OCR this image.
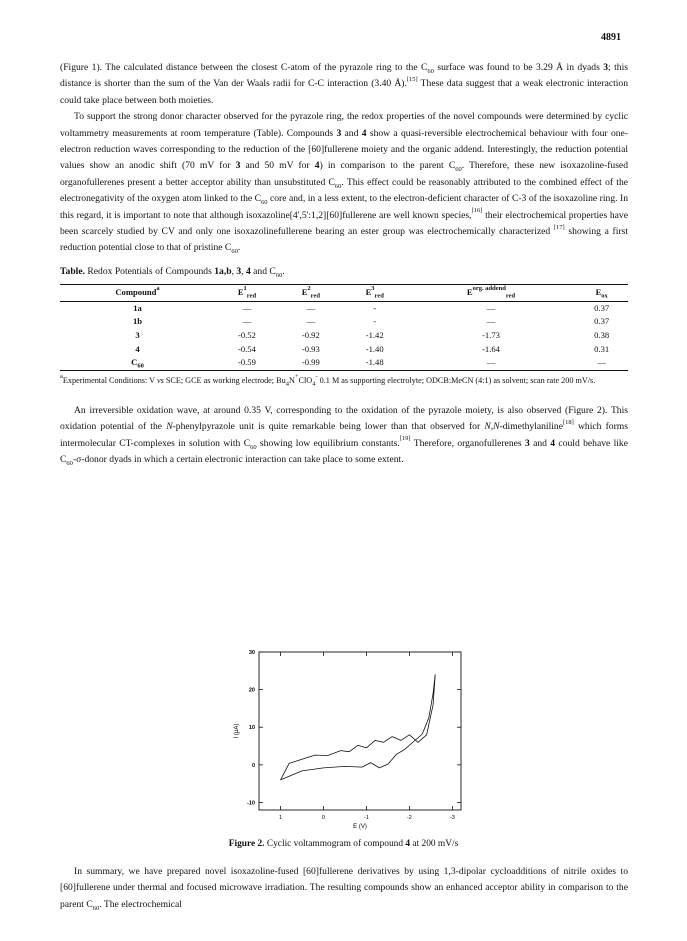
4891

(Figure 1). The calculated distance between the closest C-atom of the pyrazole ring to the $C_{60}$ surface was found to be 3.29 Å in dyads 3; this distance is shorter than the sum of the Van der Waals radii for C-C interaction (3.40 Å).[15] These data suggest that a weak electronic interaction could take place between both moieties.

To support the strong donor character observed for the pyrazole ring, the redox properties of the novel compounds were determined by cyclic voltammetry measurements at room temperature (Table). Compounds 3 and 4 show a quasi-reversible electrochemical behaviour with four one-electron reduction waves corresponding to the reduction of the [60]fullerene moiety and the organic addend. Interestingly, the reduction potential values show an anodic shift (70 mV for 3 and 50 mV for 4) in comparison to the parent $C_{60}$. Therefore, these new isoxazoline-fused organofullerenes present a better acceptor ability than unsubstituted $C_{60}$. This effect could be reasonably attributed to the combined effect of the electronegativity of the oxygen atom linked to the $C_{60}$ core and, in a less extent, to the electron-deficient character of C-3 of the isoxazoline ring. In this regard, it is important to note that although isoxazoline[4',5':1,2][60]fullerene are well known species,[16] their electrochemical properties have been scarcely studied by CV and only one isoxazolinefullerene bearing an ester group was electrochemically characterized [17] showing a first reduction potential close to that of pristine $C_{60}$.

Table. Redox Potentials of Compounds 1a,b, 3, 4 and $C_{60}$.
Compound$^a$	$E^1_{red}$	$E^2_{red}$	$E^3_{red}$	$E^{org. addend}_{red}$	$E_{ox}$
1a	—	—	-	—	0.37
1b	—	—	-	—	0.37
3	-0.52	-0.92	-1.42	-1.73	0.38
4	-0.54	-0.93	-1.40	-1.64	0.31
$C_{60}$	-0.59	-0.99	-1.48	—	—
$^a$Experimental Conditions: V vs SCE; GCE as working electrode; $Bu_4N^+ClO_4^-$ 0.1 M as supporting electrolyte; ODCB:MeCN (4:1) as solvent; scan rate 200 mV/s.

An irreversible oxidation wave, at around 0.35 V, corresponding to the oxidation of the pyrazole moiety, is also observed (Figure 2). This oxidation potential of the N-phenylpyrazole unit is quite remarkable being lower than that observed for N,N-dimethylaniline[18] which forms intermolecular CT-complexes in solution with $C_{60}$ showing low equilibrium constants.[19] Therefore, organofullerenes 3 and 4 could behave like $C_{60}-\sigma$-donor dyads in which a certain electronic interaction can take place to some extent.

30
20
10
0
-10
1	0	-1	-2	-3
E (V)
I (µA)
Figure 2. Cyclic voltammogram of compound 4 at 200 mV/s

In summary, we have prepared novel isoxazoline-fused [60]fullerene derivatives by using 1,3-dipolar cycloadditions of nitrile oxides to [60]fullerene under thermal and focused microwave irradiation. The resulting compounds show an enhanced acceptor ability in comparison to the parent $C_{60}$. The electrochemical
